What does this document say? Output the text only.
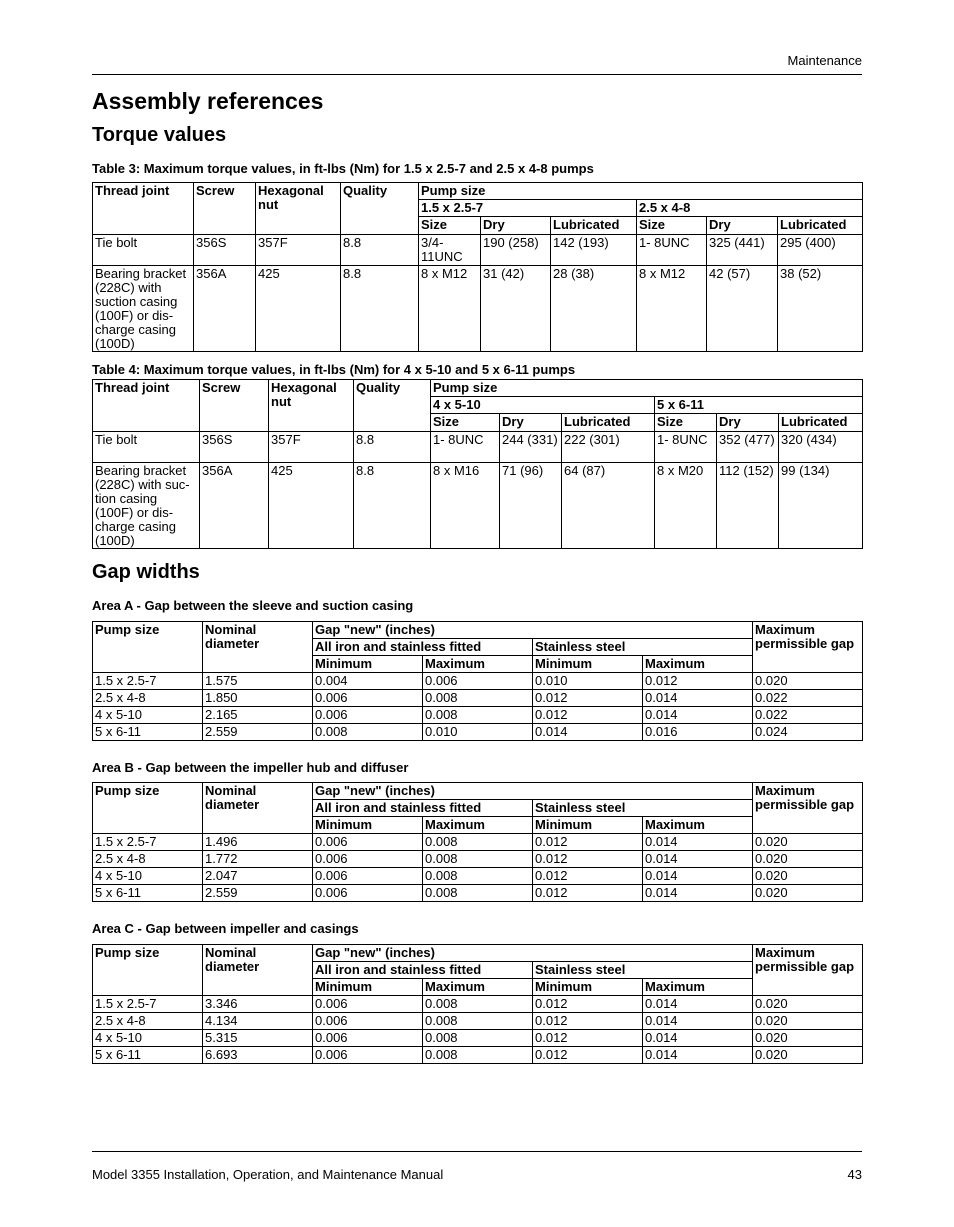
Maintenance
Assembly references
Torque values
Table 3: Maximum torque values, in ft-lbs (Nm) for 1.5 x 2.5-7 and 2.5 x 4-8 pumps
Thread joint	Screw	Hexagonal nut	Quality	Pump size					
				1.5 x 2.5-7			2.5 x 4-8		
				Size	Dry	Lubricated	Size	Dry	Lubricated
Tie bolt	356S	357F	8.8	3/4-11UNC	190 (258)	142 (193)	1- 8UNC	325 (441)	295 (400)
Bearing bracket (228C) with suction casing (100F) or dis-charge casing (100D)	356A	425	8.8	8 x M12	31 (42)	28 (38)	8 x M12	42 (57)	38 (52)
Table 4: Maximum torque values, in ft-lbs (Nm) for 4 x 5-10 and 5 x 6-11 pumps
Thread joint	Screw	Hexagonal nut	Quality	Pump size					
				4 x 5-10			5 x 6-11		
				Size	Dry	Lubricated	Size	Dry	Lubricated
Tie bolt	356S	357F	8.8	1- 8UNC	244 (331)	222 (301)	1- 8UNC	352 (477)	320 (434)
Bearing bracket (228C) with suc-tion casing (100F) or dis-charge casing (100D)	356A	425	8.8	8 x M16	71 (96)	64 (87)	8 x M20	112 (152)	99 (134)
Gap widths
Area A - Gap between the sleeve and suction casing
Pump size	Nominal diameter	Gap "new" (inches)				Maximum permissible gap
		All iron and stainless fitted		Stainless steel		
		Minimum	Maximum	Minimum	Maximum	
1.5 x 2.5-7	1.575	0.004	0.006	0.010	0.012	0.020
2.5 x 4-8	1.850	0.006	0.008	0.012	0.014	0.022
4 x 5-10	2.165	0.006	0.008	0.012	0.014	0.022
5 x 6-11	2.559	0.008	0.010	0.014	0.016	0.024
Area B - Gap between the impeller hub and diffuser
Pump size	Nominal diameter	Gap "new" (inches)				Maximum permissible gap
		All iron and stainless fitted		Stainless steel		
		Minimum	Maximum	Minimum	Maximum	
1.5 x 2.5-7	1.496	0.006	0.008	0.012	0.014	0.020
2.5 x 4-8	1.772	0.006	0.008	0.012	0.014	0.020
4 x 5-10	2.047	0.006	0.008	0.012	0.014	0.020
5 x 6-11	2.559	0.006	0.008	0.012	0.014	0.020
Area C - Gap between impeller and casings
Pump size	Nominal diameter	Gap "new" (inches)				Maximum permissible gap
		All iron and stainless fitted		Stainless steel		
		Minimum	Maximum	Minimum	Maximum	
1.5 x 2.5-7	3.346	0.006	0.008	0.012	0.014	0.020
2.5 x 4-8	4.134	0.006	0.008	0.012	0.014	0.020
4 x 5-10	5.315	0.006	0.008	0.012	0.014	0.020
5 x 6-11	6.693	0.006	0.008	0.012	0.014	0.020
Model 3355 Installation, Operation, and Maintenance Manual	43
